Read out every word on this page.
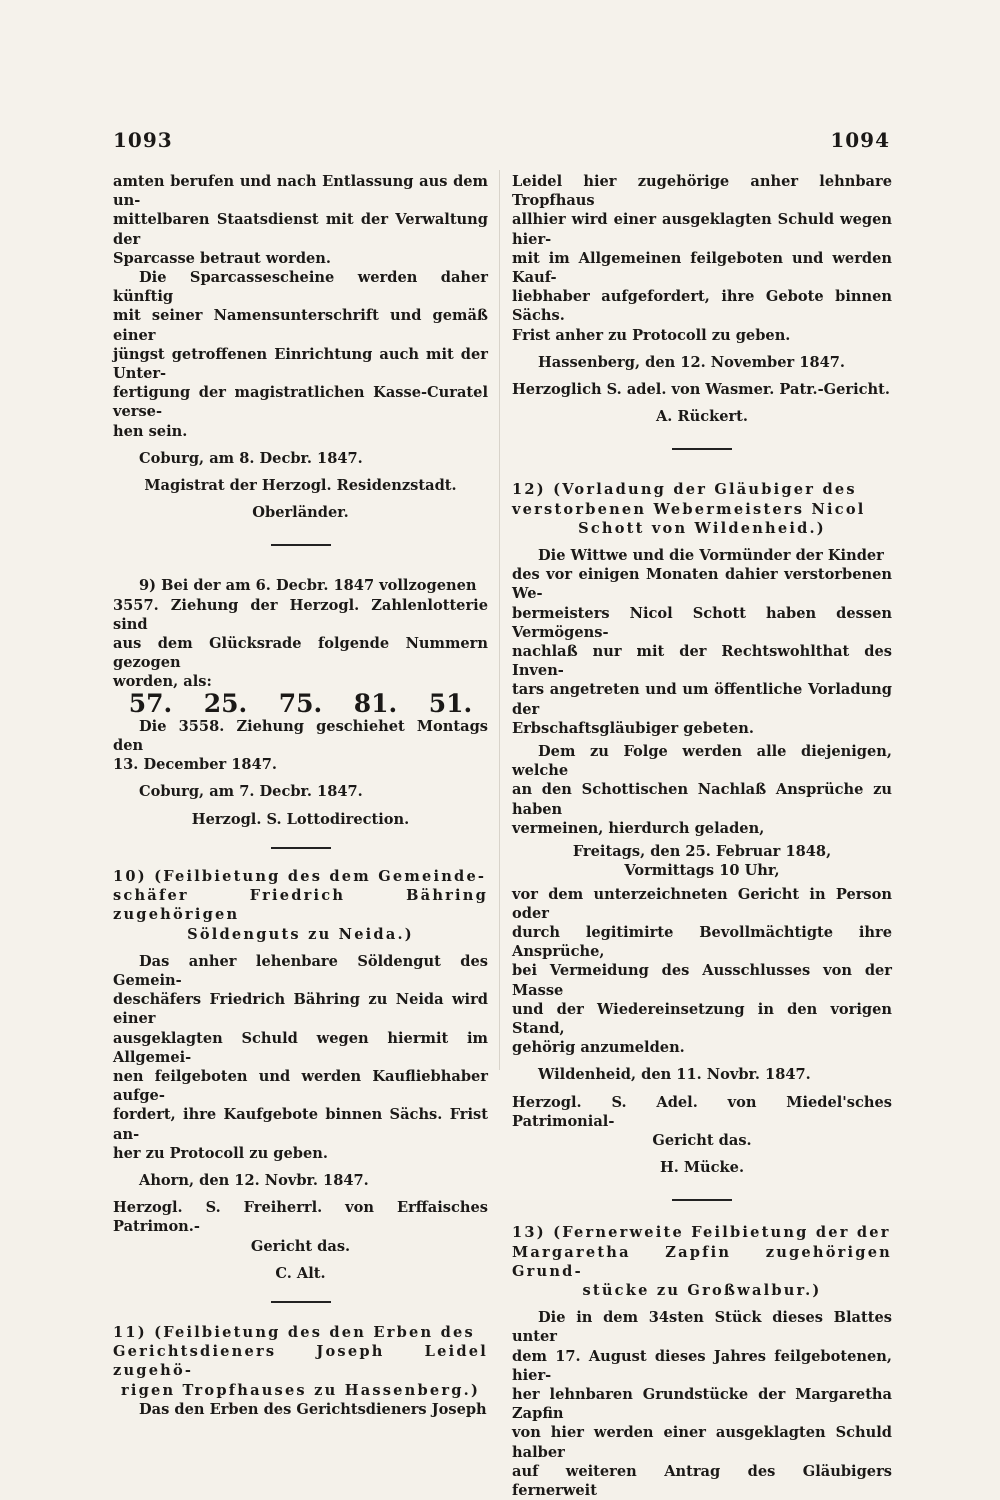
1093	1094

amten berufen und nach Entlassung aus dem un-

mittelbaren Staatsdienst mit der Verwaltung der

Sparcasse betraut worden.

Die Sparcassescheine werden daher künftig

mit seiner Namensunterschrift und gemäß einer

jüngst getroffenen Einrichtung auch mit der Unter-

fertigung der magistratlichen Kasse-Curatel verse-

hen sein.

Coburg, am 8. Decbr. 1847.

Magistrat der Herzogl. Residenzstadt.

Oberländer.

9) Bei der am 6. Decbr. 1847 vollzogenen

3557. Ziehung der Herzogl. Zahlenlotterie sind

aus dem Glücksrade folgende Nummern gezogen

worden, als:

57. 25. 75. 81. 51.

Die 3558. Ziehung geschiehet Montags den

13. December 1847.

Coburg, am 7. Decbr. 1847.

Herzogl. S. Lottodirection.

10) (Feilbietung des dem Gemeinde-

schäfer Friedrich Bähring zugehörigen

Söldenguts zu Neida.)

Das anher lehenbare Söldengut des Gemein-

deschäfers Friedrich Bähring zu Neida wird einer

ausgeklagten Schuld wegen hiermit im Allgemei-

nen feilgeboten und werden Kaufliebhaber aufge-

fordert, ihre Kaufgebote binnen Sächs. Frist an-

her zu Protocoll zu geben.

Ahorn, den 12. Novbr. 1847.

Herzogl. S. Freiherrl. von Erffaisches Patrimon.-

Gericht das.

C. Alt.

11) (Feilbietung des den Erben des

Gerichtsdieners Joseph Leidel zugehö-

rigen Tropfhauses zu Hassenberg.)

Das den Erben des Gerichtsdieners Joseph

Leidel hier zugehörige anher lehnbare Tropfhaus

allhier wird einer ausgeklagten Schuld wegen hier-

mit im Allgemeinen feilgeboten und werden Kauf-

liebhaber aufgefordert, ihre Gebote binnen Sächs.

Frist anher zu Protocoll zu geben.

Hassenberg, den 12. November 1847.

Herzoglich S. adel. von Wasmer. Patr.-Gericht.

A. Rückert.

12) (Vorladung der Gläubiger des

verstorbenen Webermeisters Nicol

Schott von Wildenheid.)

Die Wittwe und die Vormünder der Kinder

des vor einigen Monaten dahier verstorbenen We-

bermeisters Nicol Schott haben dessen Vermögens-

nachlaß nur mit der Rechtswohlthat des Inven-

tars angetreten und um öffentliche Vorladung der

Erbschaftsgläubiger gebeten.

Dem zu Folge werden alle diejenigen, welche

an den Schottischen Nachlaß Ansprüche zu haben

vermeinen, hierdurch geladen,

Freitags, den 25. Februar 1848,

Vormittags 10 Uhr,

vor dem unterzeichneten Gericht in Person oder

durch legitimirte Bevollmächtigte ihre Ansprüche,

bei Vermeidung des Ausschlusses von der Masse

und der Wiedereinsetzung in den vorigen Stand,

gehörig anzumelden.

Wildenheid, den 11. Novbr. 1847.

Herzogl. S. Adel. von Miedel'sches Patrimonial-

Gericht das.

H. Mücke.

13) (Fernerweite Feilbietung der der

Margaretha Zapfin zugehörigen Grund-

stücke zu Großwalbur.)

Die in dem 34sten Stück dieses Blattes unter

dem 17. August dieses Jahres feilgebotenen, hier-

her lehnbaren Grundstücke der Margaretha Zapfin

von hier werden einer ausgeklagten Schuld halber

auf weiteren Antrag des Gläubigers fernerweit
